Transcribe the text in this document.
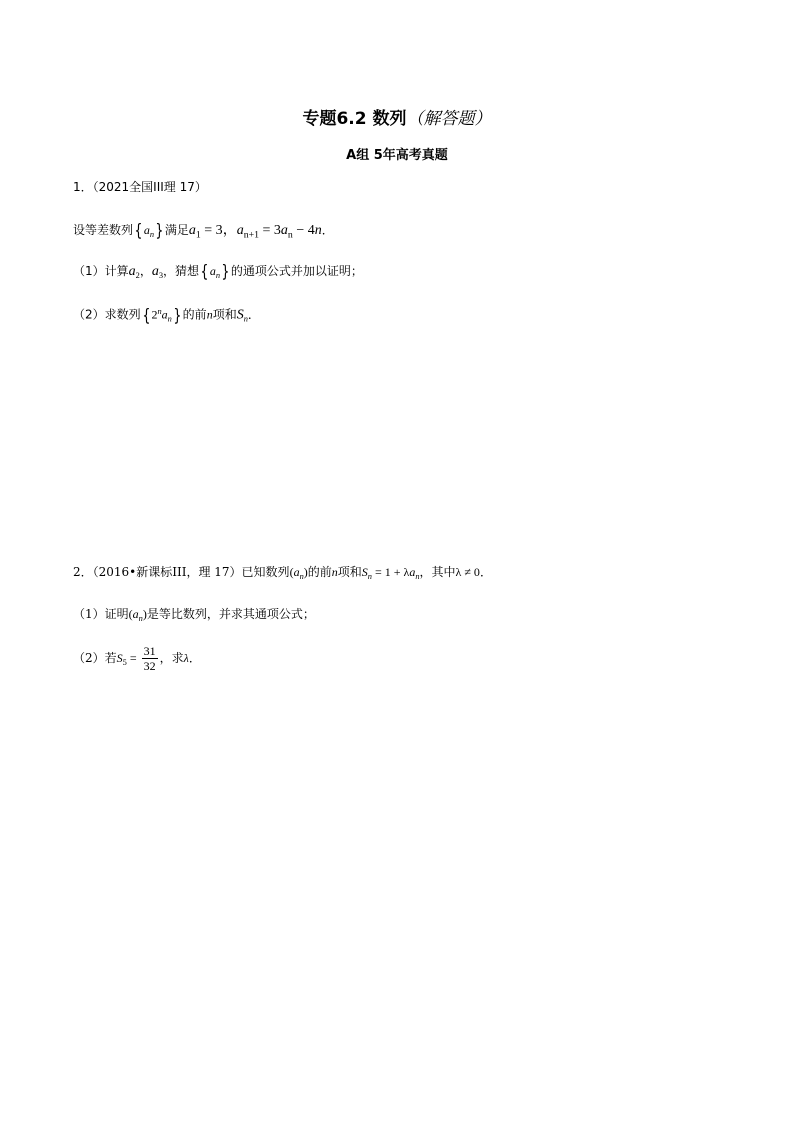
专题6.2 数列（解答题）
A组 5年高考真题
1．（2021全国III理 17）
设等差数列$\{a_n\}$满足$a_1 = 3$，$a_{n+1} = 3a_n - 4n$．
（1）计算$a_2$，$a_3$，猜想$\{a_n\}$的通项公式并加以证明；
（2）求数列$\{2^na_n\}$的前n项和$S_n$．
2．（2016•新课标III，理 17）已知数列$(a_n)$的前n项和$S_n = 1 + \lambda a_n$，其中λ ≠ 0．
（1）证明$(a_n)$是等比数列，并求其通项公式；
（2）若$S_5 = \frac{31}{32}$ ，求λ．
